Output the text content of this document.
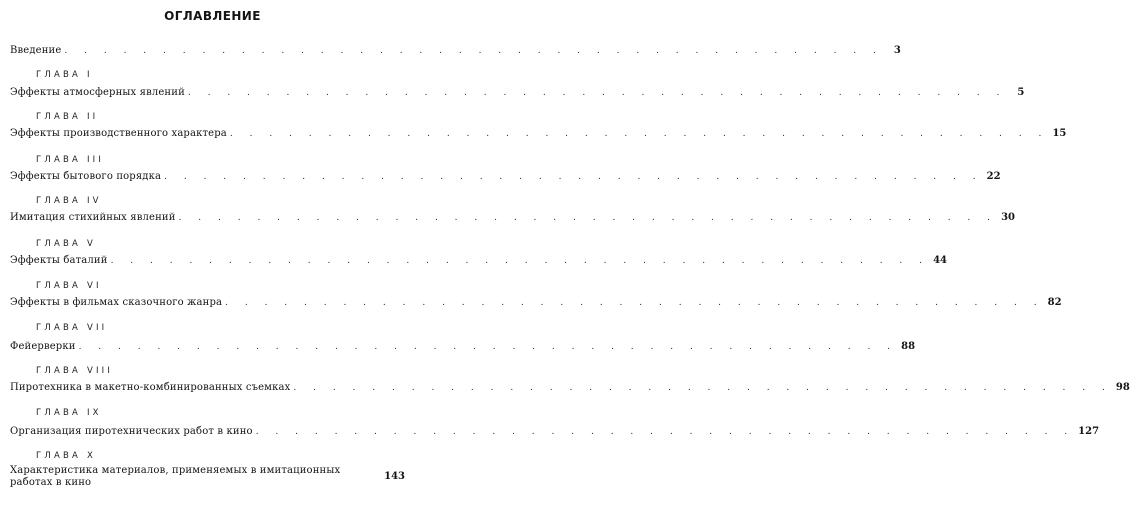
ОГЛАВЛЕНИЕ
Введение . . . . . . . . . . . . . . . . . . . . . . . . . . . . . . . . . . . . . . . . . .	3
ГЛАВА I
Эффекты атмосферных явлений . . . . . . . . . . . . . . . . . . . . . . . . . . . . . . . . . . . . . . . . . .	5
ГЛАВА II
Эффекты производственного характера . . . . . . . . . . . . . . . . . . . . . . . . . . . . . . . . . . . . . . . . . . 15
ГЛАВА III
Эффекты бытового порядка . . . . . . . . . . . . . . . . . . . . . . . . . . . . . . . . . . . . . . . . . . 22
ГЛАВА IV
Имитация стихийных явлений . . . . . . . . . . . . . . . . . . . . . . . . . . . . . . . . . . . . . . . . . . 30
ГЛАВА V
Эффекты баталий . . . . . . . . . . . . . . . . . . . . . . . . . . . . . . . . . . . . . . . . . . 44
ГЛАВА VI
Эффекты в фильмах сказочного жанра . . . . . . . . . . . . . . . . . . . . . . . . . . . . . . . . . . . . . . . . . . 82
ГЛАВА VII
Фейерверки . . . . . . . . . . . . . . . . . . . . . . . . . . . . . . . . . . . . . . . . . . 88
ГЛАВА VIII
Пиротехника в макетно-комбинированных съемках . . . . . . . . . . . . . . . . . . . . . . . . . . . . . . . . . . . . . . . . . . 98
ГЛАВА IX
Организация пиротехнических работ в кино . . . . . . . . . . . . . . . . . . . . . . . . . . . . . . . . . . . . . . . . . . 127
ГЛАВА X
Характеристика материалов, применяемых в имитационных
работах в кино
143
